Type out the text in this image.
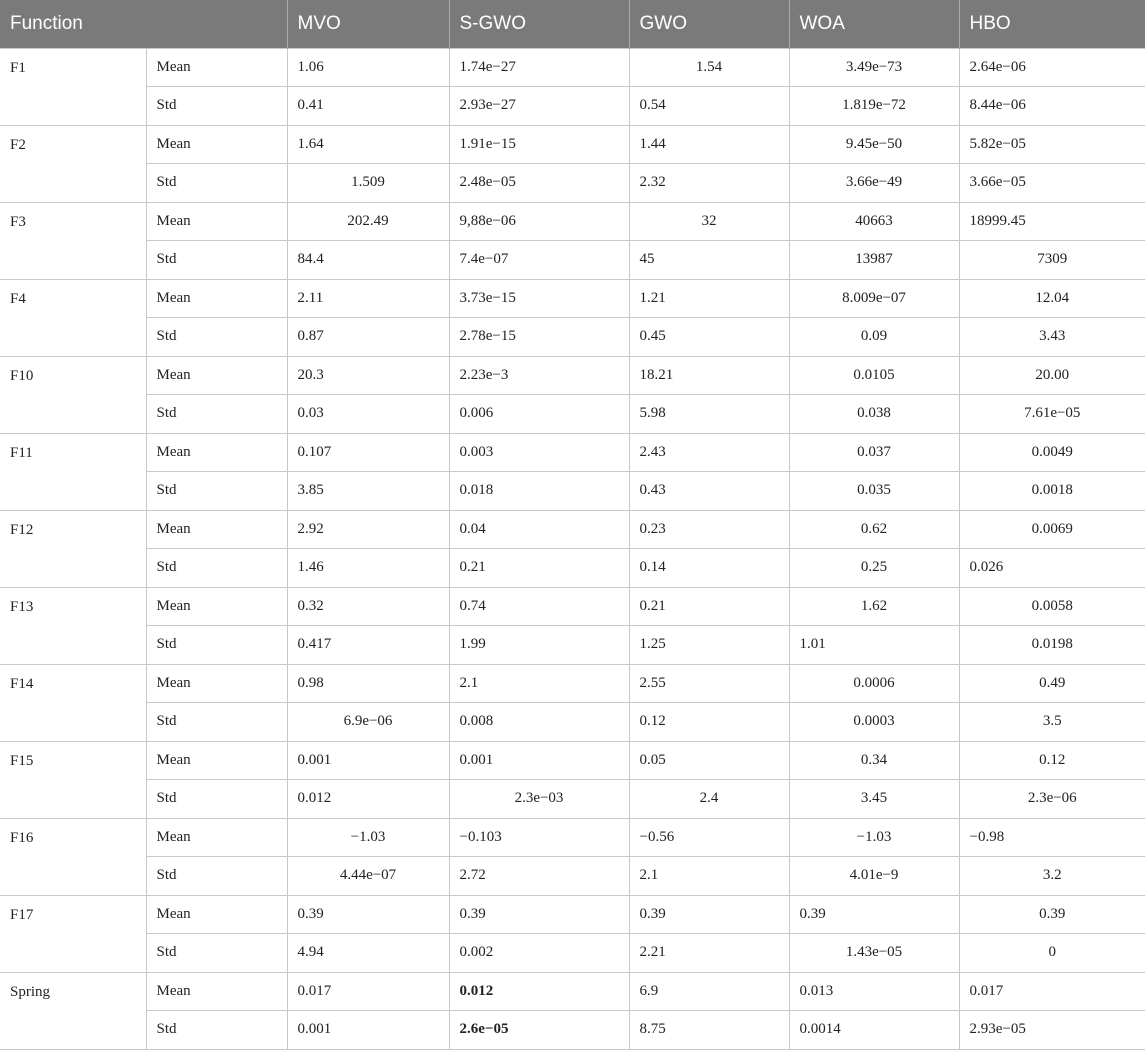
Function		MVO	S-GWO	GWO	WOA	HBO
F1	Mean	1.06	1.74e−27	1.54	3.49e−73	2.64e−06
	Std	0.41	2.93e−27	0.54	1.819e−72	8.44e−06
F2	Mean	1.64	1.91e−15	1.44	9.45e−50	5.82e−05
	Std	1.509	2.48e−05	2.32	3.66e−49	3.66e−05
F3	Mean	202.49	9,88e−06	32	40663	18999.45
	Std	84.4	7.4e−07	45	13987	7309
F4	Mean	2.11	3.73e−15	1.21	8.009e−07	12.04
	Std	0.87	2.78e−15	0.45	0.09	3.43
F10	Mean	20.3	2.23e−3	18.21	0.0105	20.00
	Std	0.03	0.006	5.98	0.038	7.61e−05
F11	Mean	0.107	0.003	2.43	0.037	0.0049
	Std	3.85	0.018	0.43	0.035	0.0018
F12	Mean	2.92	0.04	0.23	0.62	0.0069
	Std	1.46	0.21	0.14	0.25	0.026
F13	Mean	0.32	0.74	0.21	1.62	0.0058
	Std	0.417	1.99	1.25	1.01	0.0198
F14	Mean	0.98	2.1	2.55	0.0006	0.49
	Std	6.9e−06	0.008	0.12	0.0003	3.5
F15	Mean	0.001	0.001	0.05	0.34	0.12
	Std	0.012	2.3e−03	2.4	3.45	2.3e−06
F16	Mean	−1.03	−0.103	−0.56	−1.03	−0.98
	Std	4.44e−07	2.72	2.1	4.01e−9	3.2
F17	Mean	0.39	0.39	0.39	0.39	0.39
	Std	4.94	0.002	2.21	1.43e−05	0
Spring	Mean	0.017	0.012	6.9	0.013	0.017
	Std	0.001	2.6e−05	8.75	0.0014	2.93e−05
